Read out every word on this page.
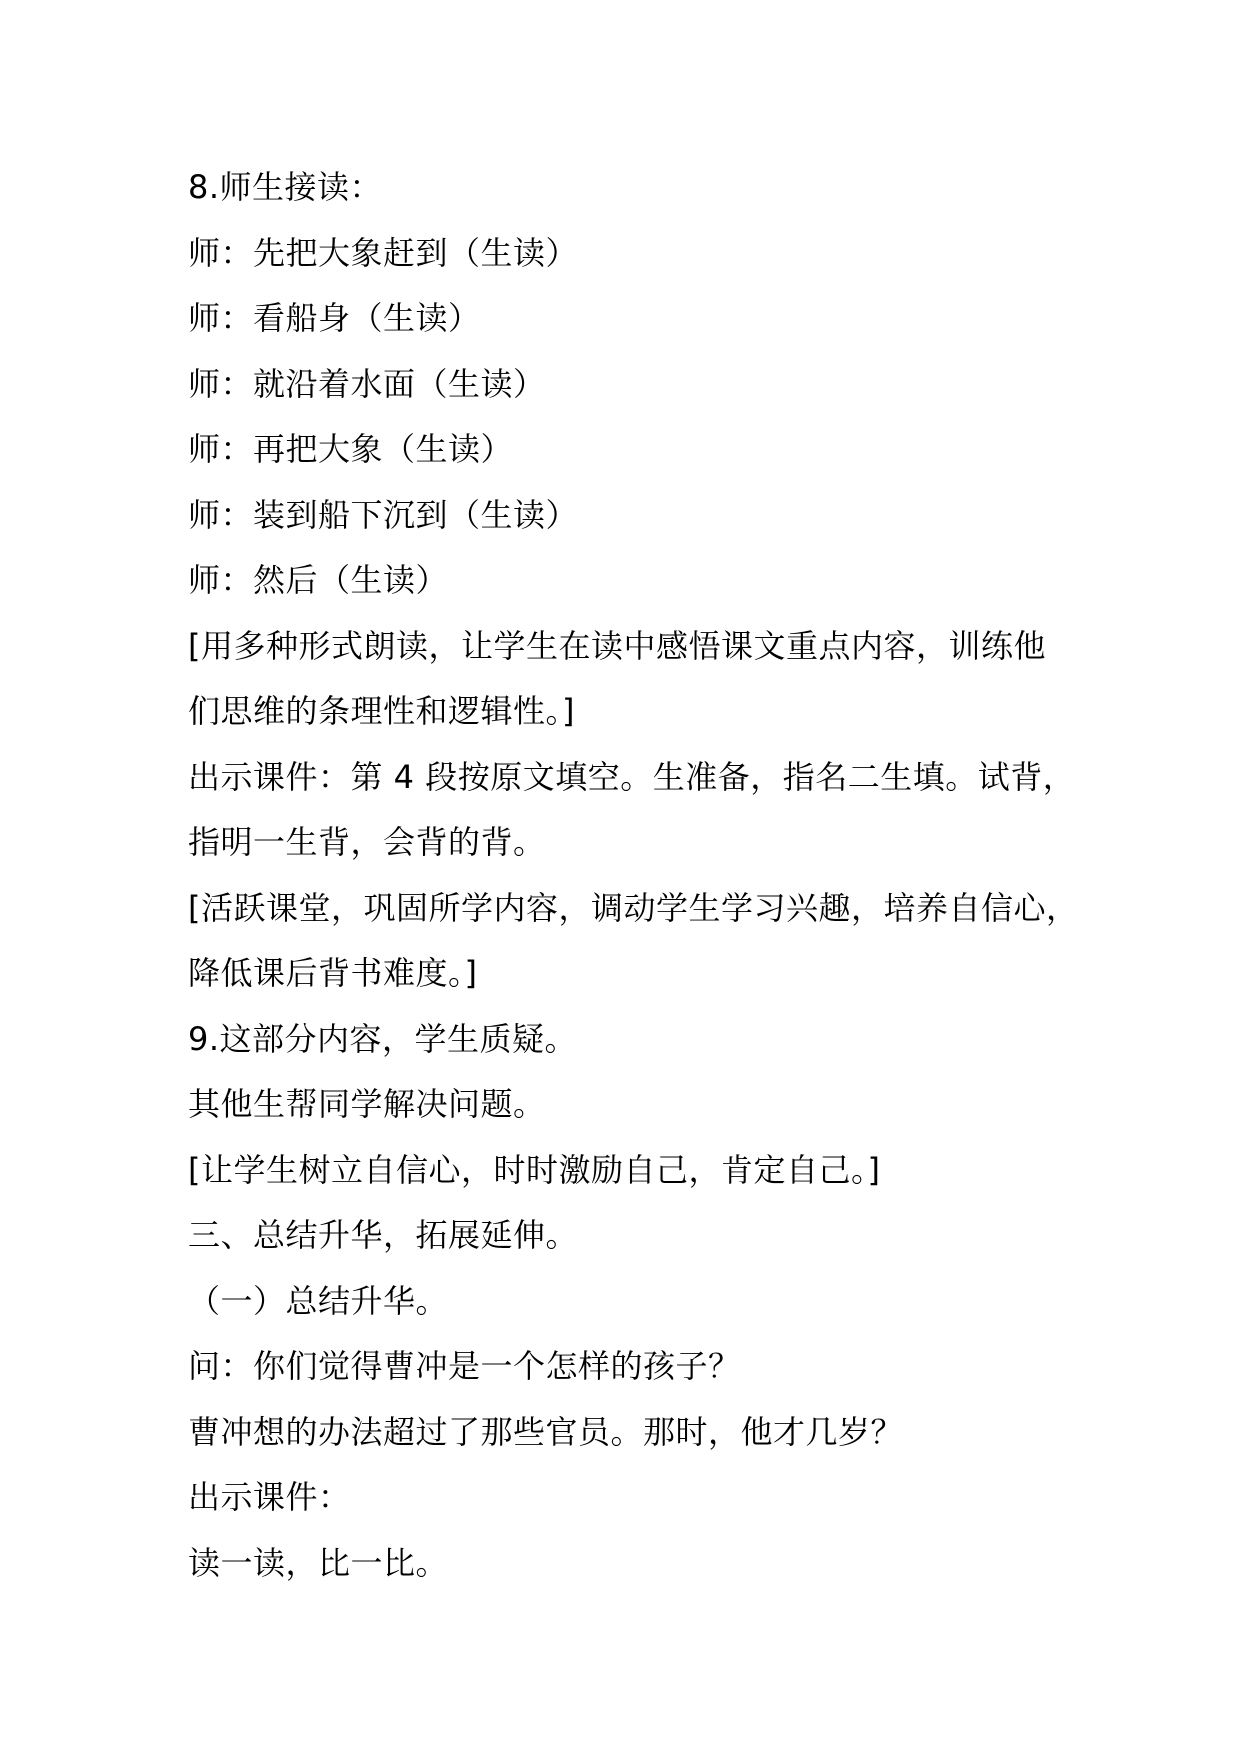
8.师生接读：
师：先把大象赶到（生读）
师：看船身（生读）
师：就沿着水面（生读）
师：再把大象（生读）
师：装到船下沉到（生读）
师：然后（生读）
[用多种形式朗读，让学生在读中感悟课文重点内容，训练他
们思维的条理性和逻辑性。]
出示课件：第 4 段按原文填空。生准备，指名二生填。试背，
指明一生背，会背的背。
[活跃课堂，巩固所学内容，调动学生学习兴趣，培养自信心，
降低课后背书难度。]
9.这部分内容，学生质疑。
其他生帮同学解决问题。
[让学生树立自信心，时时激励自己，肯定自己。]
三、总结升华，拓展延伸。
（一）总结升华。
问：你们觉得曹冲是一个怎样的孩子？
曹冲想的办法超过了那些官员。那时，他才几岁？
出示课件：
读一读，比一比。
